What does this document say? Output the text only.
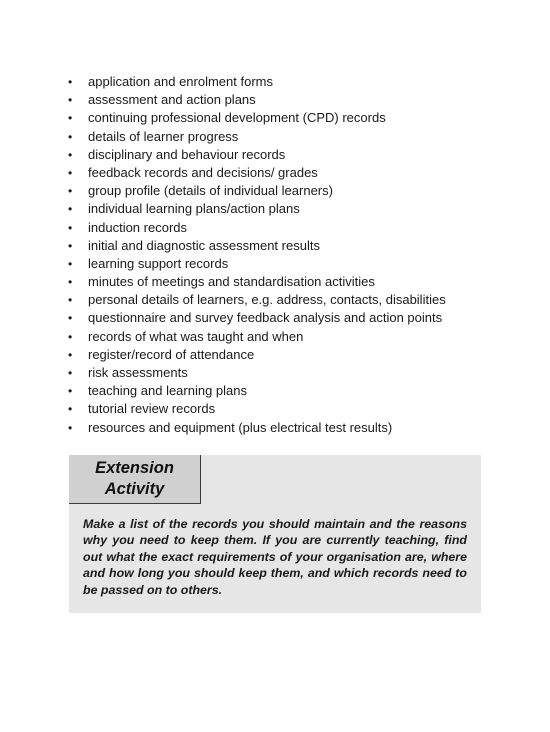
• application and enrolment forms
• assessment and action plans
• continuing professional development (CPD) records
• details of learner progress
• disciplinary and behaviour records
• feedback records and decisions/ grades
• group profile (details of individual learners)
• individual learning plans/action plans
• induction records
• initial and diagnostic assessment results
• learning support records
• minutes of meetings and standardisation activities
• personal details of learners, e.g. address, contacts, disabilities
• questionnaire and survey feedback analysis and action points
• records of what was taught and when
• register/record of attendance
• risk assessments
• teaching and learning plans
• tutorial review records
• resources and equipment (plus electrical test results)
Extension
Activity

Make a list of the records you should maintain and the reasons why you need to keep them. If you are currently teaching, find out what the exact requirements of your organisation are, where and how long you should keep them, and which records need to be passed on to others.
